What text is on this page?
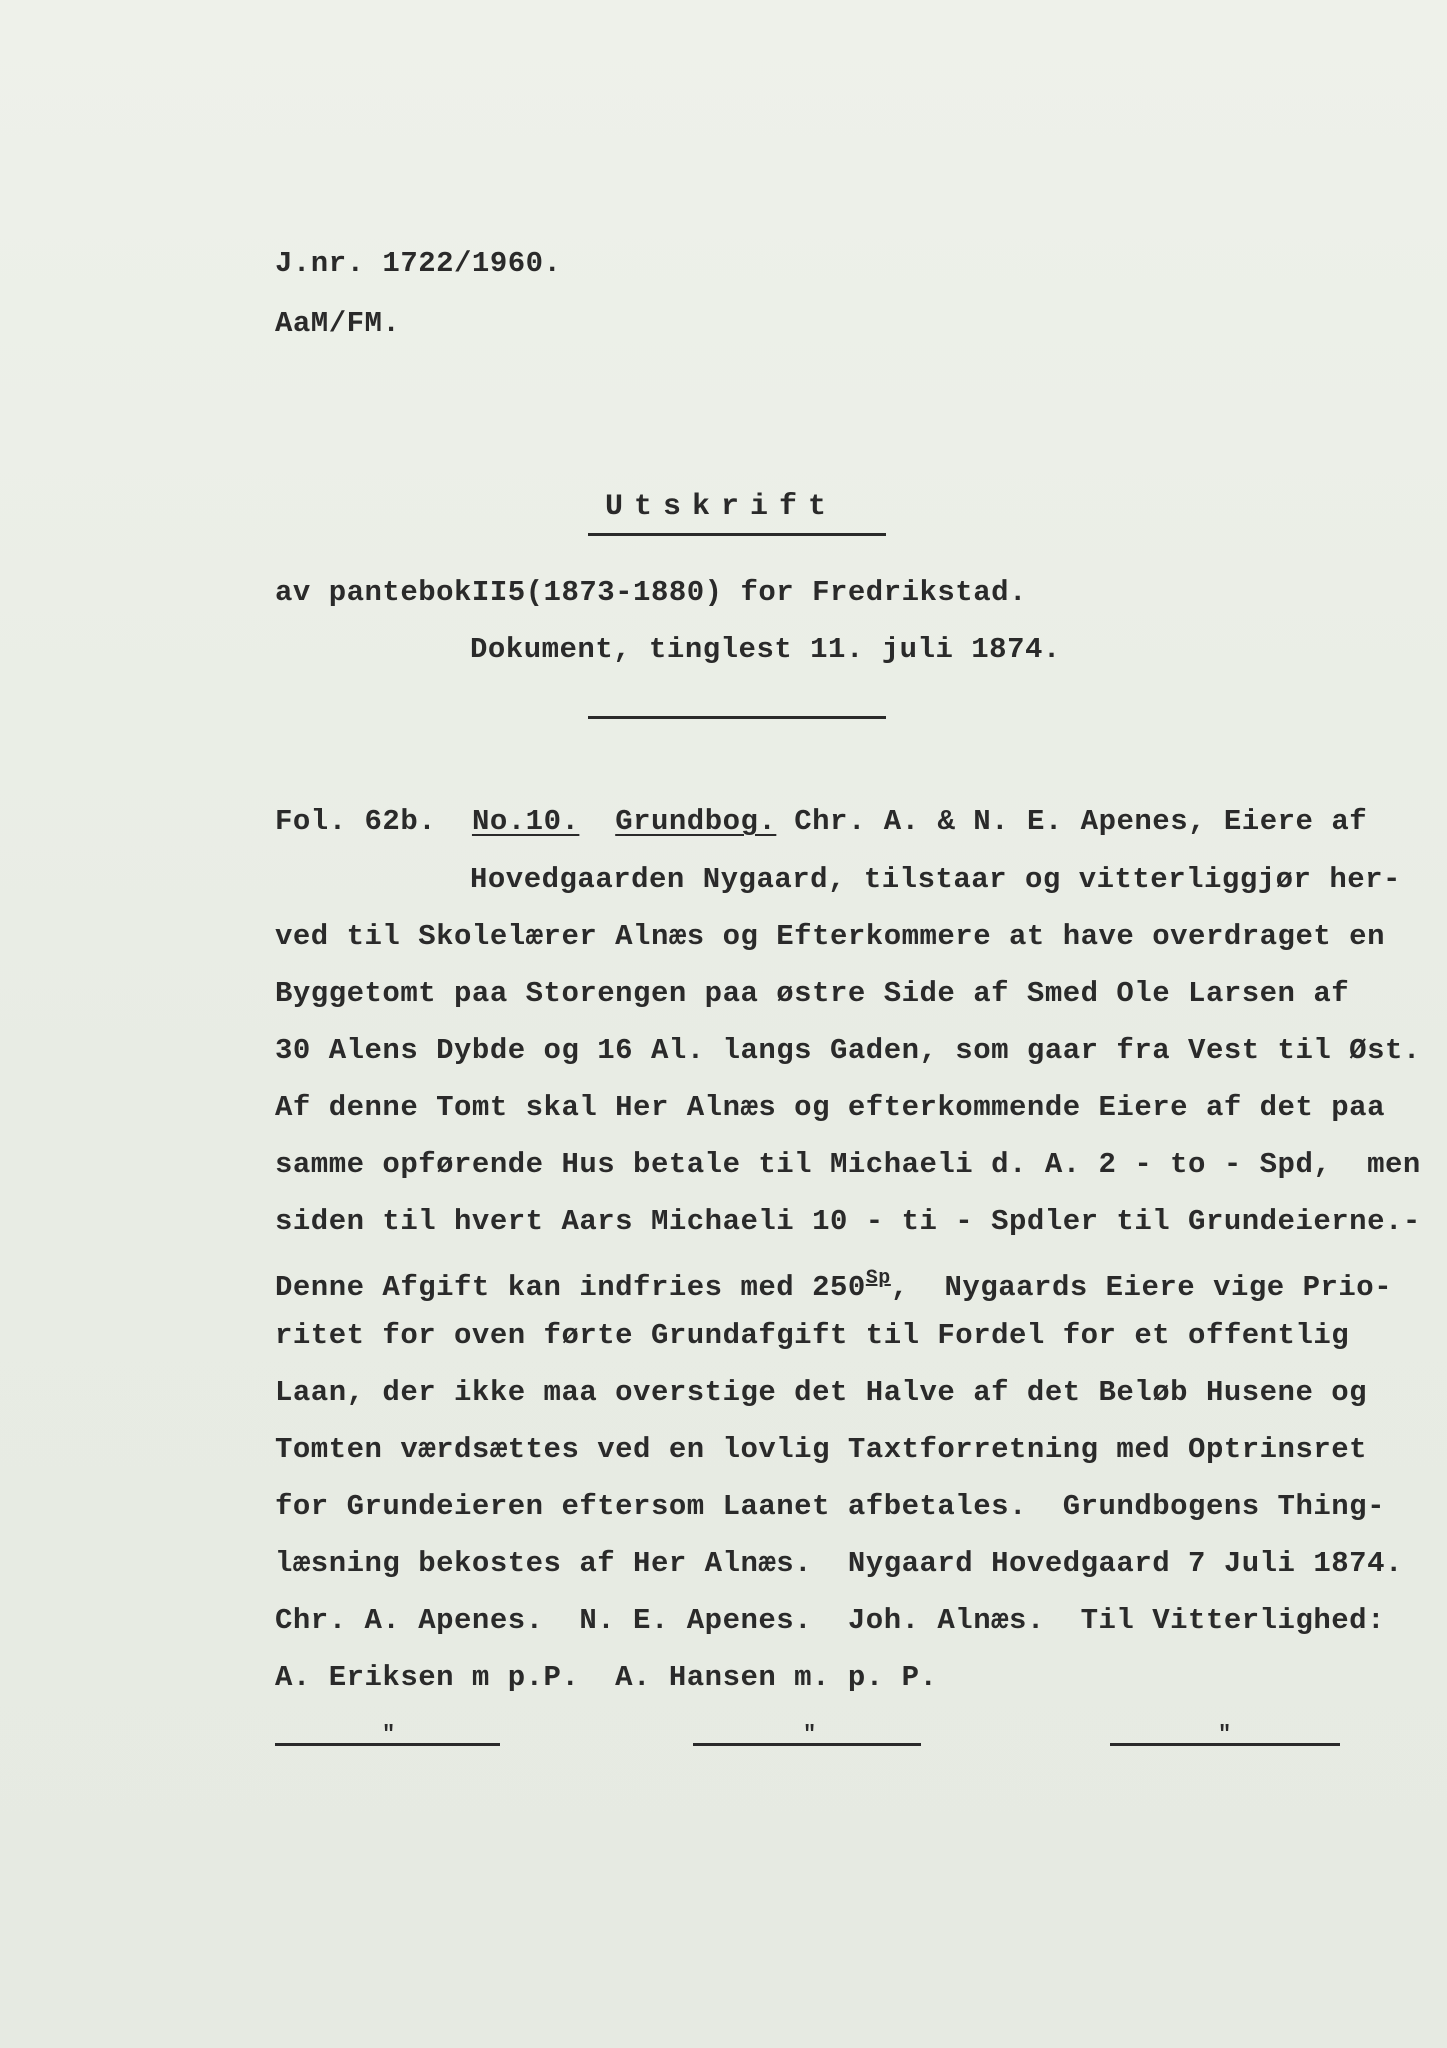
J.nr. 1722/1960.
AaM/FM.
Utskrift
av pantebokII5(1873-1880) for Fredrikstad.
Dokument, tinglest 11. juli 1874.
Fol. 62b. No.10. Grundbog. Chr. A. & N. E. Apenes, Eiere af
Hovedgaarden Nygaard, tilstaar og vitterliggjør her-
ved til Skolelærer Alnæs og Efterkommere at have overdraget en
Byggetomt paa Storengen paa østre Side af Smed Ole Larsen af
30 Alens Dybde og 16 Al. langs Gaden, som gaar fra Vest til Øst.
Af denne Tomt skal Her Alnæs og efterkommende Eiere af det paa
samme opførende Hus betale til Michaeli d. A. 2 - to - Spd,  men
siden til hvert Aars Michaeli 10 - ti - Spdler til Grundeierne.-
Denne Afgift kan indfries med $250^{Sp}$,  Nygaards Eiere vige Prio-
ritet for oven førte Grundafgift til Fordel for et offentlig
Laan, der ikke maa overstige det Halve af det Beløb Husene og
Tomten værdsættes ved en lovlig Taxtforretning med Optrinsret
for Grundeieren eftersom Laanet afbetales.  Grundbogens Thing-
læsning bekostes af Her Alnæs.  Nygaard Hovedgaard 7 Juli 1874.
Chr. A. Apenes.  N. E. Apenes.  Joh. Alnæs.  Til Vitterlighed:
A. Eriksen m p.P.  A. Hansen m. p. P.
"	"	"
